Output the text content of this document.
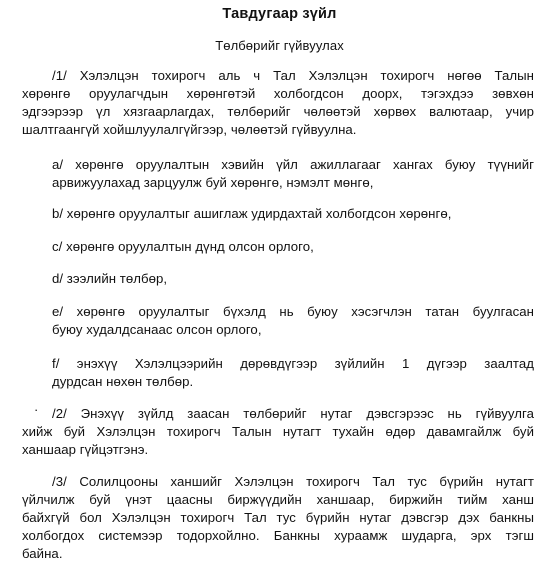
Тавдугаар зүйл
Төлбөрийг гүйвуулах
/1/ Хэлэлцэн тохирогч аль ч Тал Хэлэлцэн тохирогч нөгөө Талын
хөрөнгө оруулагчдын хөрөнгөтэй холбогдсон доорх, тэгэхдээ зөвхөн
эдгээрээр үл хязгаарлагдах, төлбөрийг чөлөөтэй хөрвөх валютаар, учир
шалтгаангүй хойшлуулалгүйгээр, чөлөөтэй гүйвуулна.
a/ хөрөнгө оруулалтын хэвийн үйл ажиллагааг хангах буюу түүнийг
арвижуулахад зарцуулж буй хөрөнгө, нэмэлт мөнгө,
b/ хөрөнгө оруулалтыг ашиглаж удирдахтай холбогдсон хөрөнгө,
c/ хөрөнгө оруулалтын дүнд олсон орлого,
d/ зээлийн төлбөр,
e/ хөрөнгө оруулалтыг бүхэлд нь буюу хэсэгчлэн татан буулгасан
буюу худалдсанаас олсон орлого,
f/ энэхүү Хэлэлцээрийн дөрөвдүгээр зүйлийн 1 дүгээр заалтад
дурдсан нөхөн төлбөр.
· /2/ Энэхүү зүйлд заасан төлбөрийг нутаг дэвсгэрээс нь гүйвуулга
хийж буй Хэлэлцэн тохирогч Талын нутагт тухайн өдөр давамгайлж буй
ханшаар гүйцэтгэнэ.
/3/ Солилцооны ханшийг Хэлэлцэн тохирогч Тал тус бүрийн нутагт
үйлчилж буй үнэт цаасны биржүүдийн ханшаар, биржийн тийм ханш
байхгүй бол Хэлэлцэн тохирогч Тал тус бүрийн нутаг дэвсгэр дэх банкны
холбогдох системээр тодорхойлно. Банкны хураамж шударга, эрх тэгш
байна.
